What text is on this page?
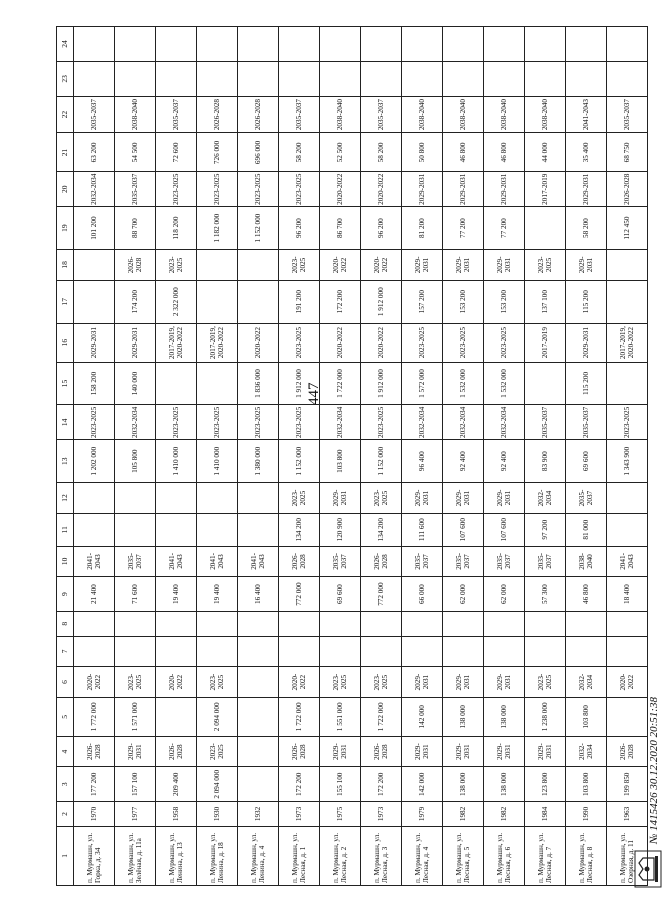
447
1	2	3	4	5	6	7	8	9	10	11	12	13	14	15	16	17	18	19	20	21	22	23	24
п. Мурмашн, ул. Горка, д. 34	1970	177 200	2026-2028	1 772 000	2020-2022			21 400	2041-2043			1 202 000	2023-2025	158 200	2029-2031			101 200	2032-2034	63 200	2035-2037		
п. Мурмашн, ул. Зелёная, д. 11а	1977	157 100	2029-2031	1 571 000	2023-2025			71 600	2035-2037			105 800	2032-2034	140 000	2029-2031	174 200	2026-2028	88 700	2035-2037	54 500	2038-2040		
п. Мурмашн, ул. Ленина, д. 13	1958	209 400	2026-2028		2020-2022			19 400	2041-2043			1 410 000	2023-2025		2017-2019, 2020-2022	2 322 000	2023-2025	118 200	2023-2025	72 600	2035-2037		
п. Мурмашн, ул. Ленина, д. 18	1930	2 094 000	2023-2025	2 094 000	2023-2025			19 400	2041-2043			1 410 000	2023-2025		2017-2019, 2020-2022			1 182 000	2023-2025	726 000	2026-2028		
п. Мурмашн, ул. Ленина, д. 4	1932							16 400	2041-2043			1 380 000	2023-2025	1 836 000	2020-2022			1 152 000	2023-2025	696 000	2026-2028		
п. Мурмашн, ул. Лесная, д. 1	1973	172 200	2026-2028	1 722 000	2020-2022			772 000	2026-2028	134 200	2023-2025	1 152 000	2023-2025	1 912 000	2023-2025	191 200	2023-2025	96 200	2023-2025	58 200	2035-2037		
п. Мурмашн, ул. Лесная, д. 2	1975	155 100	2029-2031	1 551 000	2023-2025			69 600	2035-2037	120 900	2029-2031	103 800	2032-2034	1 722 000	2020-2022	172 200	2020-2022	86 700	2020-2022	52 500	2038-2040		
п. Мурмашн, ул. Лесная, д. 3	1973	172 200	2026-2028	1 722 000	2023-2025			772 000	2026-2028	134 200	2023-2025	1 152 000	2023-2025	1 912 000	2020-2022	1 912 000	2020-2022	96 200	2020-2022	58 200	2035-2037		
п. Мурмашн, ул. Лесная, д. 4	1979	142 000	2029-2031	142 000	2029-2031			66 000	2035-2037	111 600	2029-2031	96 400	2032-2034	1 572 000	2023-2025	157 200	2029-2031	81 200	2029-2031	50 800	2038-2040		
п. Мурмашн, ул. Лесная, д. 5	1982	138 000	2029-2031	138 000	2029-2031			62 000	2035-2037	107 600	2029-2031	92 400	2032-2034	1 532 000	2023-2025	153 200	2029-2031	77 200	2029-2031	46 800	2038-2040		
п. Мурмашн, ул. Лесная, д. 6	1982	138 000	2029-2031	138 000	2029-2031			62 000	2035-2037	107 600	2029-2031	92 400	2032-2034	1 532 000	2023-2025	153 200	2029-2031	77 200	2029-2031	46 800	2038-2040		
п. Мурмашн, ул. Лесная, д. 7	1984	123 800	2029-2031	1 238 000	2023-2025			57 300	2035-2037	97 200	2032-2034	83 900	2035-2037		2017-2019	137 100	2023-2025		2017-2019	44 000	2038-2040		
п. Мурмашн, ул. Лесная, д. 8	1990	103 800	2032-2034	103 800	2032-2034			46 800	2038-2040	81 000	2035-2037	69 600	2035-2037	115 200	2029-2031	115 200	2029-2031	58 200	2029-2031	35 400	2041-2043		
п. Мурмашн, ул. Озерная, д. 11	1963	199 850	2026-2028		2020-2022			18 400	2041-2043			1 343 900	2023-2025		2017-2019, 2020-2022			112 450	2026-2028	68 750	2035-2037		
№ 1415426 30.12.2020 20:51:38
